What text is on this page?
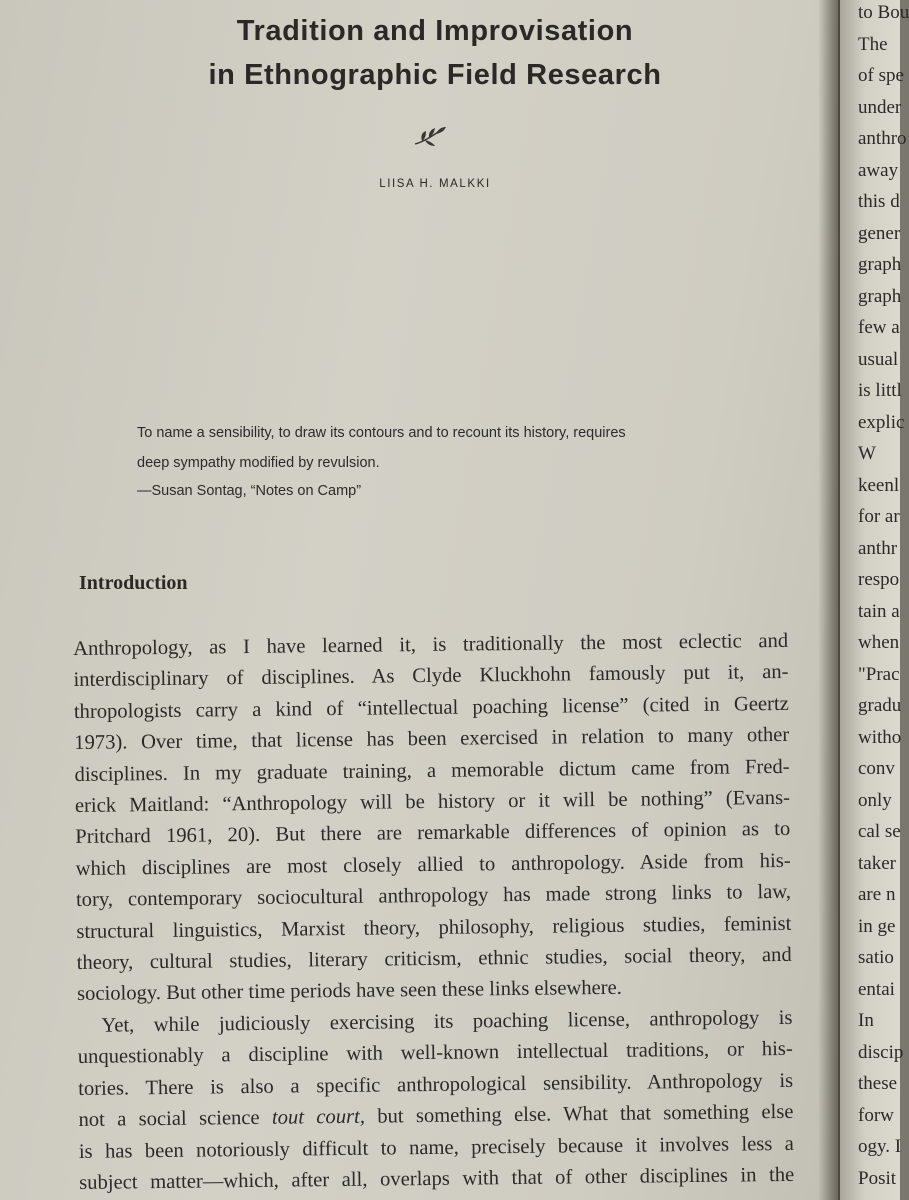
Tradition and Improvisation
in Ethnographic Field Research

LIISA H. MALKKI

To name a sensibility, to draw its contours and to recount its history, requires

deep sympathy modified by revulsion.

—Susan Sontag, “Notes on Camp”

Introduction
Anthropology, as I have learned it, is traditionally the most eclectic and
interdisciplinary of disciplines. As Clyde Kluckhohn famously put it, an-
thropologists carry a kind of “intellectual poaching license” (cited in Geertz
1973). Over time, that license has been exercised in relation to many other
disciplines. In my graduate training, a memorable dictum came from Fred-
erick Maitland: “Anthropology will be history or it will be nothing” (Evans-
Pritchard 1961, 20). But there are remarkable differences of opinion as to
which disciplines are most closely allied to anthropology. Aside from his-
tory, contemporary sociocultural anthropology has made strong links to law,
structural linguistics, Marxist theory, philosophy, religious studies, feminist
theory, cultural studies, literary criticism, ethnic studies, social theory, and
sociology. But other time periods have seen these links elsewhere.
Yet, while judiciously exercising its poaching license, anthropology is
unquestionably a discipline with well-known intellectual traditions, or his-
tories. There is also a specific anthropological sensibility. Anthropology is
not a social science tout court, but something else. What that something else
is has been notoriously difficult to name, precisely because it involves less a
subject matter—which, after all, overlaps with that of other disciplines in the

to Bou

The

of spe

under

anthro

away

this d

gener

graph

graph

few a

usual

is littl

explic

W

keenl

for ar

anthr

respo

tain a

when

"Prac

gradu

witho

conv

only

cal se

taker

are n

in ge

satio

entai

In

discip

these

forw

ogy. I

Posit
